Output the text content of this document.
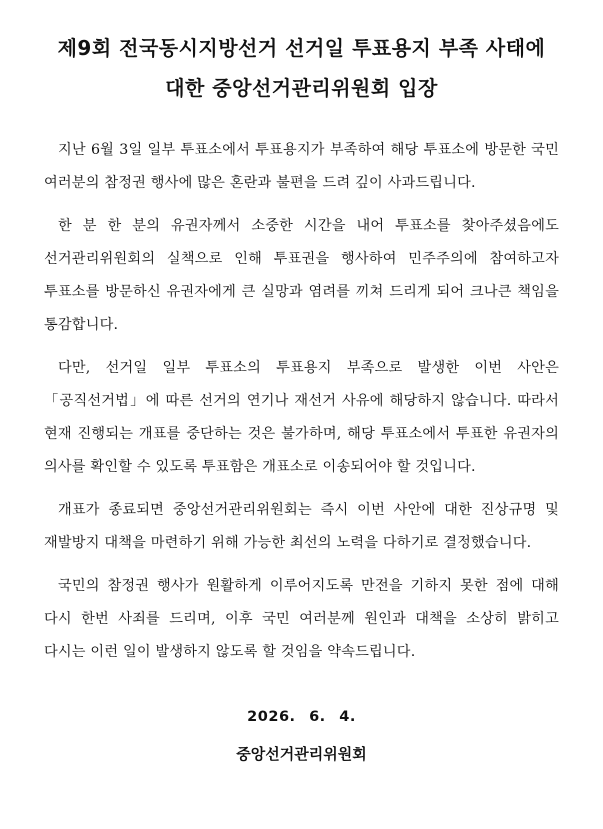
제9회 전국동시지방선거 선거일 투표용지 부족 사태에
대한 중앙선거관리위원회 입장

지난 6월 3일 일부 투표소에서 투표용지가 부족하여 해당 투표소에 방문한 국민 여러분의 참정권 행사에 많은 혼란과 불편을 드려 깊이 사과드립니다.

한 분 한 분의 유권자께서 소중한 시간을 내어 투표소를 찾아주셨음에도 선거관리위원회의 실책으로 인해 투표권을 행사하여 민주주의에 참여하고자 투표소를 방문하신 유권자에게 큰 실망과 염려를 끼쳐 드리게 되어 크나큰 책임을 통감합니다.

다만, 선거일 일부 투표소의 투표용지 부족으로 발생한 이번 사안은 「공직선거법」에 따른 선거의 연기나 재선거 사유에 해당하지 않습니다. 따라서 현재 진행되는 개표를 중단하는 것은 불가하며, 해당 투표소에서 투표한 유권자의 의사를 확인할 수 있도록 투표함은 개표소로 이송되어야 할 것입니다.

개표가 종료되면 중앙선거관리위원회는 즉시 이번 사안에 대한 진상규명 및 재발방지 대책을 마련하기 위해 가능한 최선의 노력을 다하기로 결정했습니다.

국민의 참정권 행사가 원활하게 이루어지도록 만전을 기하지 못한 점에 대해 다시 한번 사죄를 드리며, 이후 국민 여러분께 원인과 대책을 소상히 밝히고 다시는 이런 일이 발생하지 않도록 할 것임을 약속드립니다.

2026. 6. 4.
중앙선거관리위원회
